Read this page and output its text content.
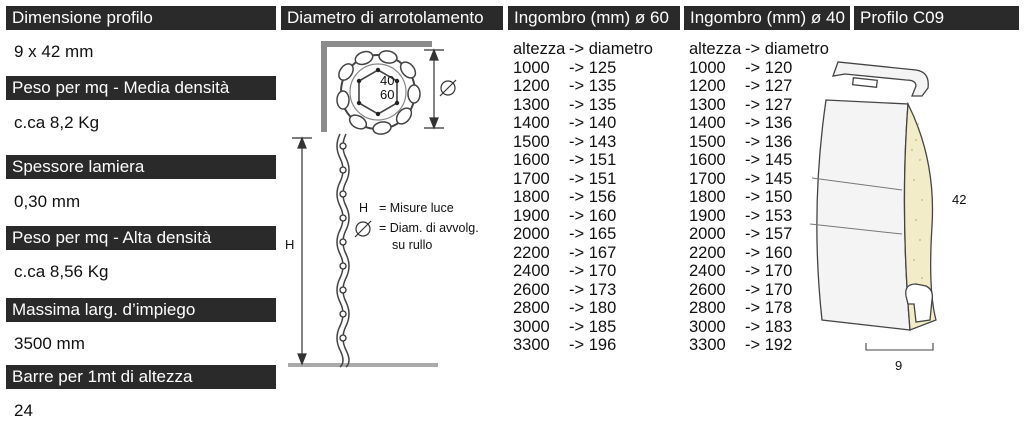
Dimensione profilo
9 x 42 mm
Peso per mq - Media densità
c.ca 8,2 Kg
Spessore lamiera
0,30 mm
Peso per mq - Alta densità
c.ca 8,56 Kg
Massima larg. d’impiego
3500 mm
Barre per 1mt di altezza
24
Diametro di arrotolamento
40
60
H
H = Misure luce
= Diam. di avvolg.
su rullo
Ingombro (mm) ø 60
altezza -> diametro
1000	-> 125
1200	-> 135
1300	-> 135
1400	-> 140
1500	-> 143
1600	-> 151
1700	-> 151
1800	-> 156
1900	-> 160
2000	-> 165
2200	-> 167
2400	-> 170
2600	-> 173
2800	-> 180
3000	-> 185
3300	-> 196
Ingombro (mm) ø 40
altezza -> diametro
1000	-> 120
1200	-> 127
1300	-> 127
1400	-> 136
1500	-> 136
1600	-> 145
1700	-> 145
1800	-> 150
1900	-> 153
2000	-> 157
2200	-> 160
2400	-> 170
2600	-> 170
2800	-> 178
3000	-> 183
3300	-> 192
Profilo C09
42
9
